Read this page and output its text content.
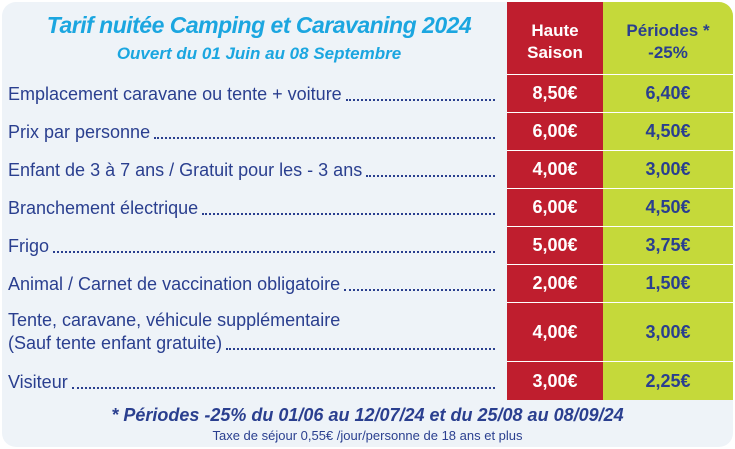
Tarif nuitée Camping et Caravaning 2024
Ouvert du 01 Juin au 08 Septembre
Haute
Saison
Périodes *
-25%
Emplacement caravane ou tente + voiture	8,50€	6,40€
Prix par personne	6,00€	4,50€
Enfant de 3 à 7 ans / Gratuit pour les - 3 ans	4,00€	3,00€
Branchement électrique	6,00€	4,50€
Frigo	5,00€	3,75€
Animal / Carnet de vaccination obligatoire	2,00€	1,50€
Tente, caravane, véhicule supplémentaire
(Sauf tente enfant gratuite)
4,00€	3,00€
Visiteur	3,00€	2,25€
* Périodes -25% du 01/06 au 12/07/24 et du 25/08 au 08/09/24
Taxe de séjour 0,55€ /jour/personne de 18 ans et plus
